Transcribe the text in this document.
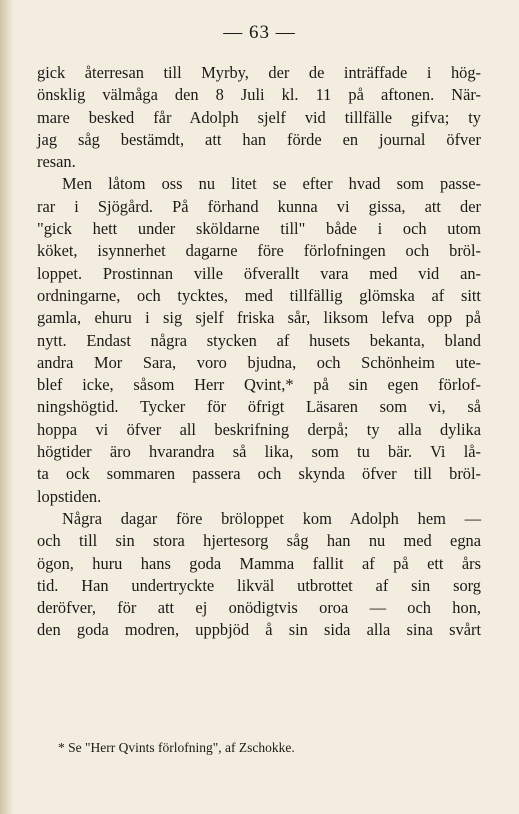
— 63 —
gick återresan till Myrby, der de inträffade i hög-
önsklig välmåga den 8 Juli kl. 11 på aftonen. När-
mare besked får Adolph sjelf vid tillfälle gifva; ty
jag såg bestämdt, att han förde en journal öfver
resan.
Men låtom oss nu litet se efter hvad som passe-
rar i Sjögård. På förhand kunna vi gissa, att der
"gick hett under sköldarne till" både i och utom
köket, isynnerhet dagarne före förlofningen och bröl-
loppet. Prostinnan ville öfverallt vara med vid an-
ordningarne, och tycktes, med tillfällig glömska af sitt
gamla, ehuru i sig sjelf friska sår, liksom lefva opp på
nytt. Endast några stycken af husets bekanta, bland
andra Mor Sara, voro bjudna, och Schönheim ute-
blef icke, såsom Herr Qvint,* på sin egen förlof-
ningshögtid. Tycker för öfrigt Läsaren som vi, så
hoppa vi öfver all beskrifning derpå; ty alla dylika
högtider äro hvarandra så lika, som tu bär. Vi lå-
ta ock sommaren passera och skynda öfver till bröl-
lopstiden.
Några dagar före bröloppet kom Adolph hem —
och till sin stora hjertesorg såg han nu med egna
ögon, huru hans goda Mamma fallit af på ett års
tid. Han undertryckte likväl utbrottet af sin sorg
deröfver, för att ej onödigtvis oroa — och hon,
den goda modren, uppbjöd å sin sida alla sina svårt
* Se "Herr Qvints förlofning", af Zschokke.
